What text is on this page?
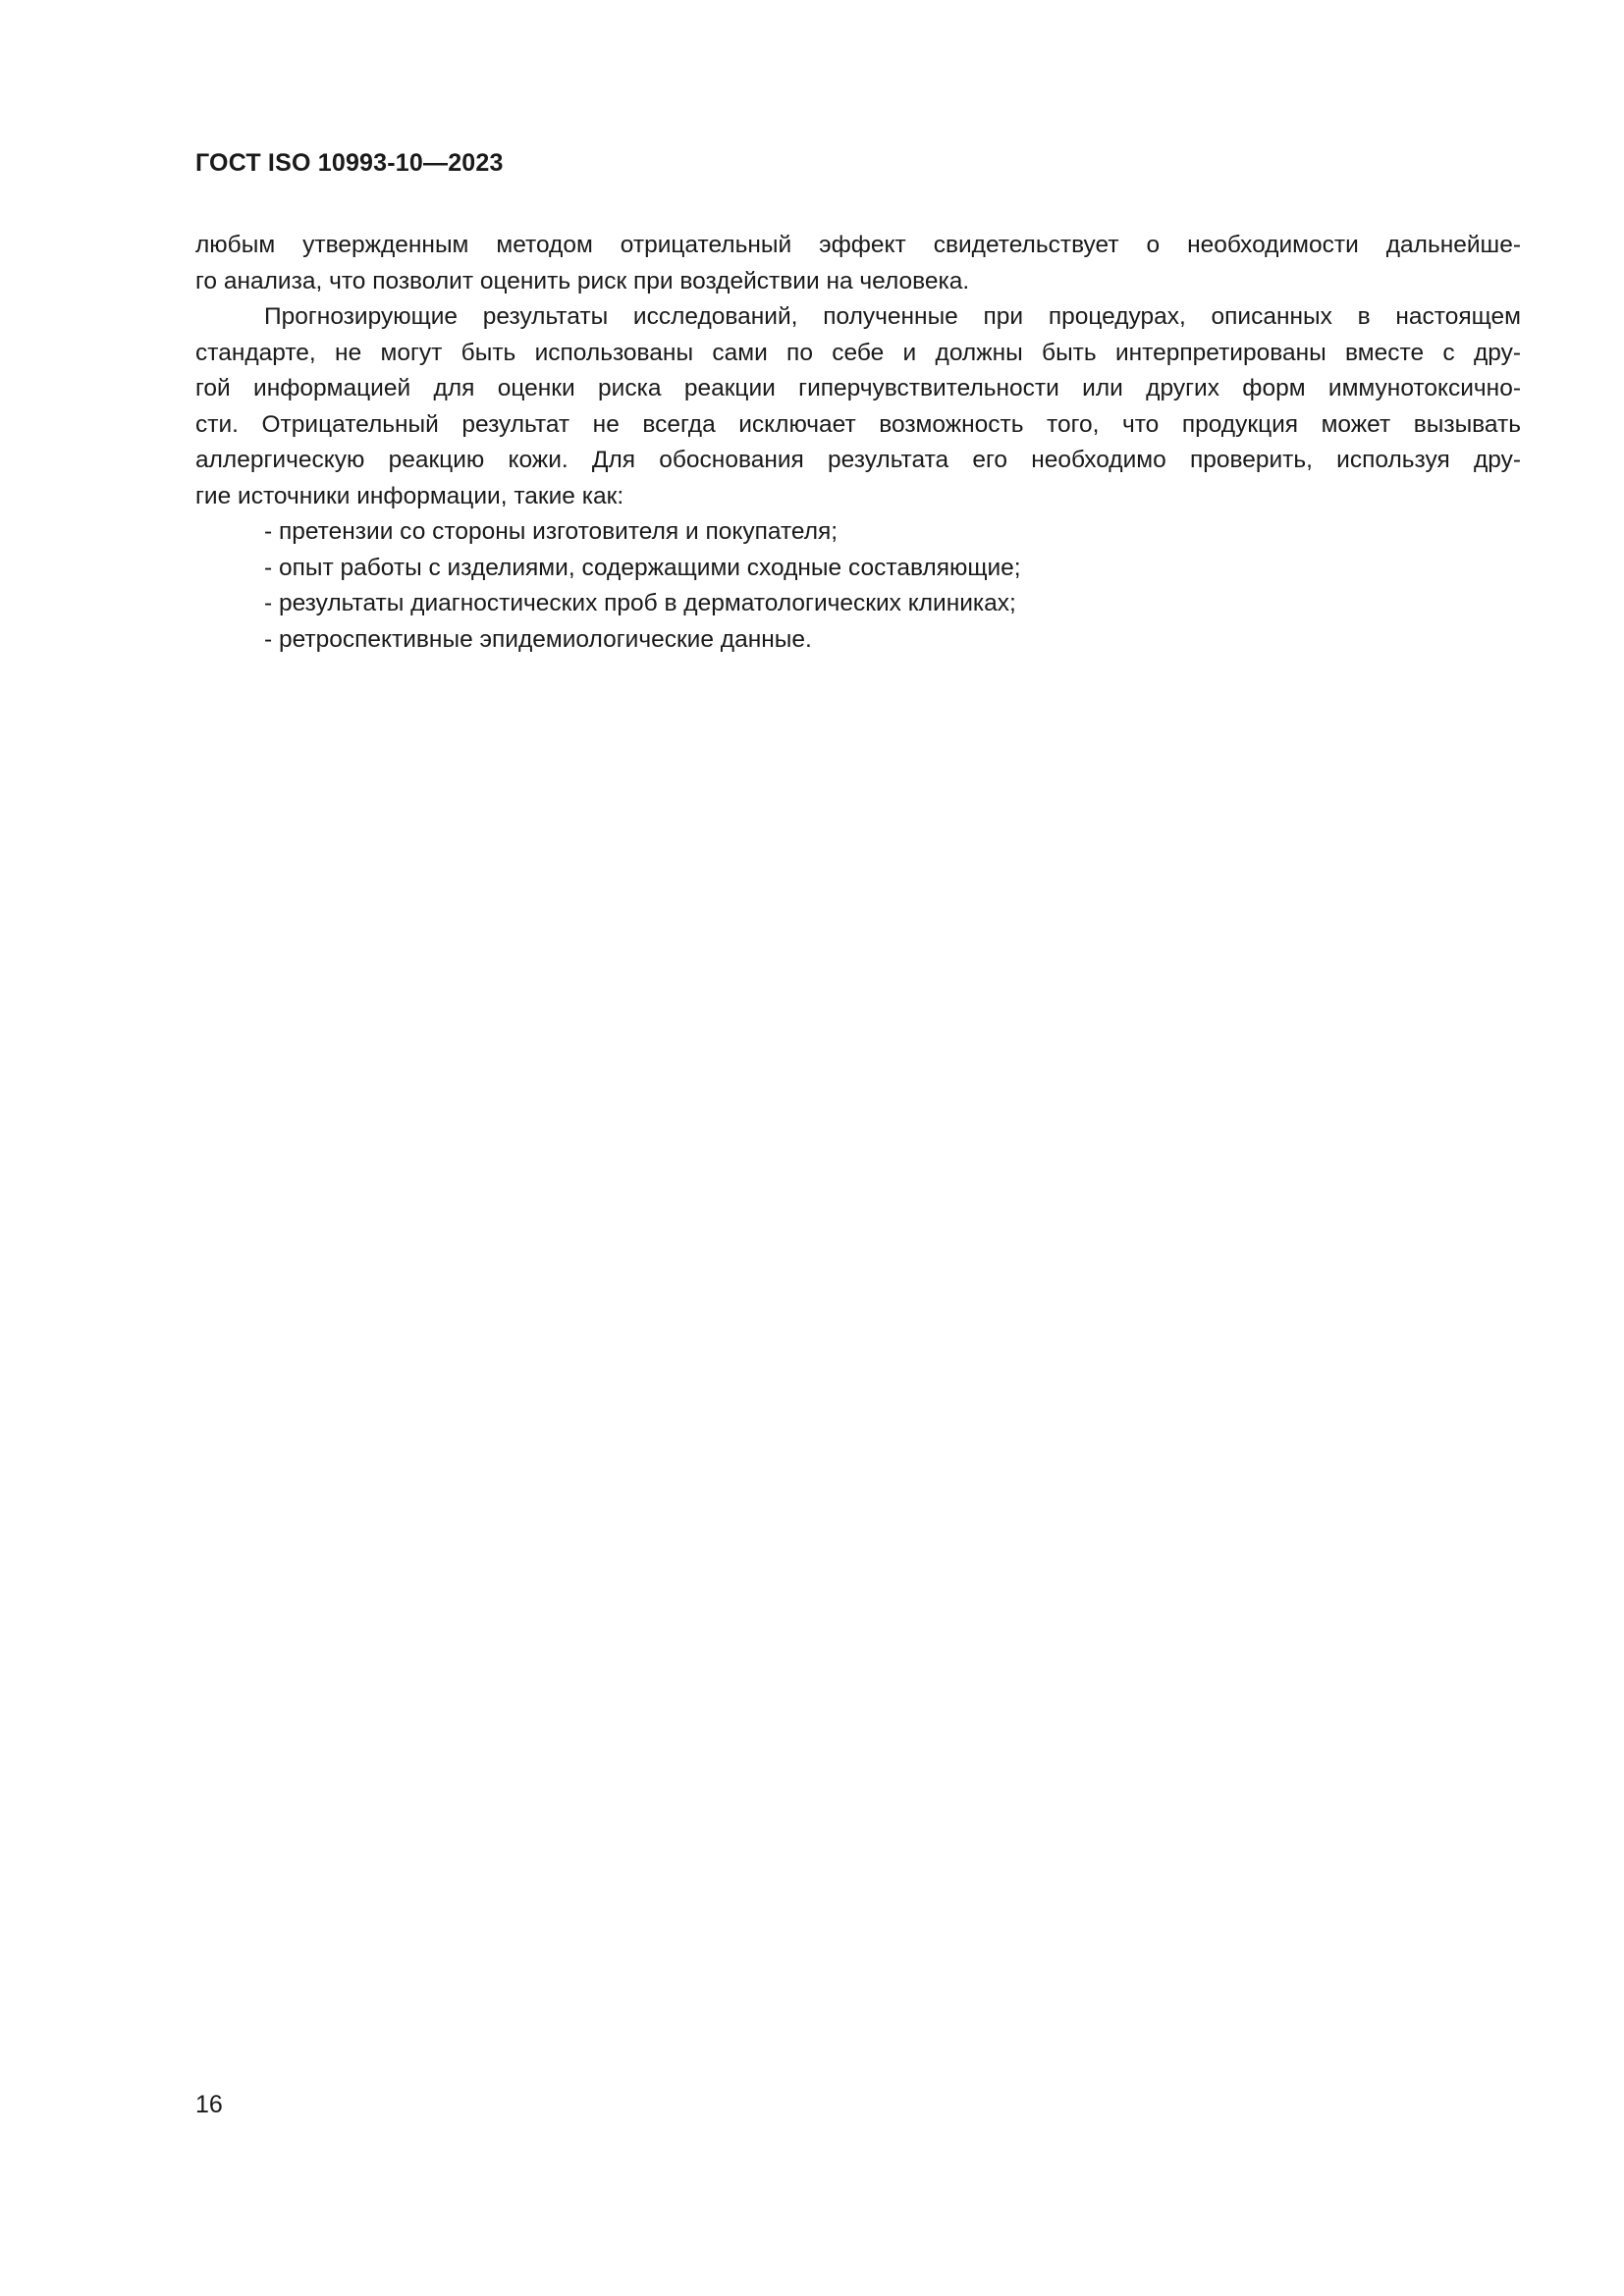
ГОСТ ISO 10993-10—2023

любым утвержденным методом отрицательный эффект свидетельствует о необходимости дальнейше-
го анализа, что позволит оценить риск при воздействии на человека.

Прогнозирующие результаты исследований, полученные при процедурах, описанных в настоящем
стандарте, не могут быть использованы сами по себе и должны быть интерпретированы вместе с дру-
гой информацией для оценки риска реакции гиперчувствительности или других форм иммунотоксично-
сти. Отрицательный результат не всегда исключает возможность того, что продукция может вызывать
аллергическую реакцию кожи. Для обоснования результата его необходимо проверить, используя дру-
гие источники информации, такие как:

- претензии со стороны изготовителя и покупателя;
- опыт работы с изделиями, содержащими сходные составляющие;
- результаты диагностических проб в дерматологических клиниках;
- ретроспективные эпидемиологические данные.

16
